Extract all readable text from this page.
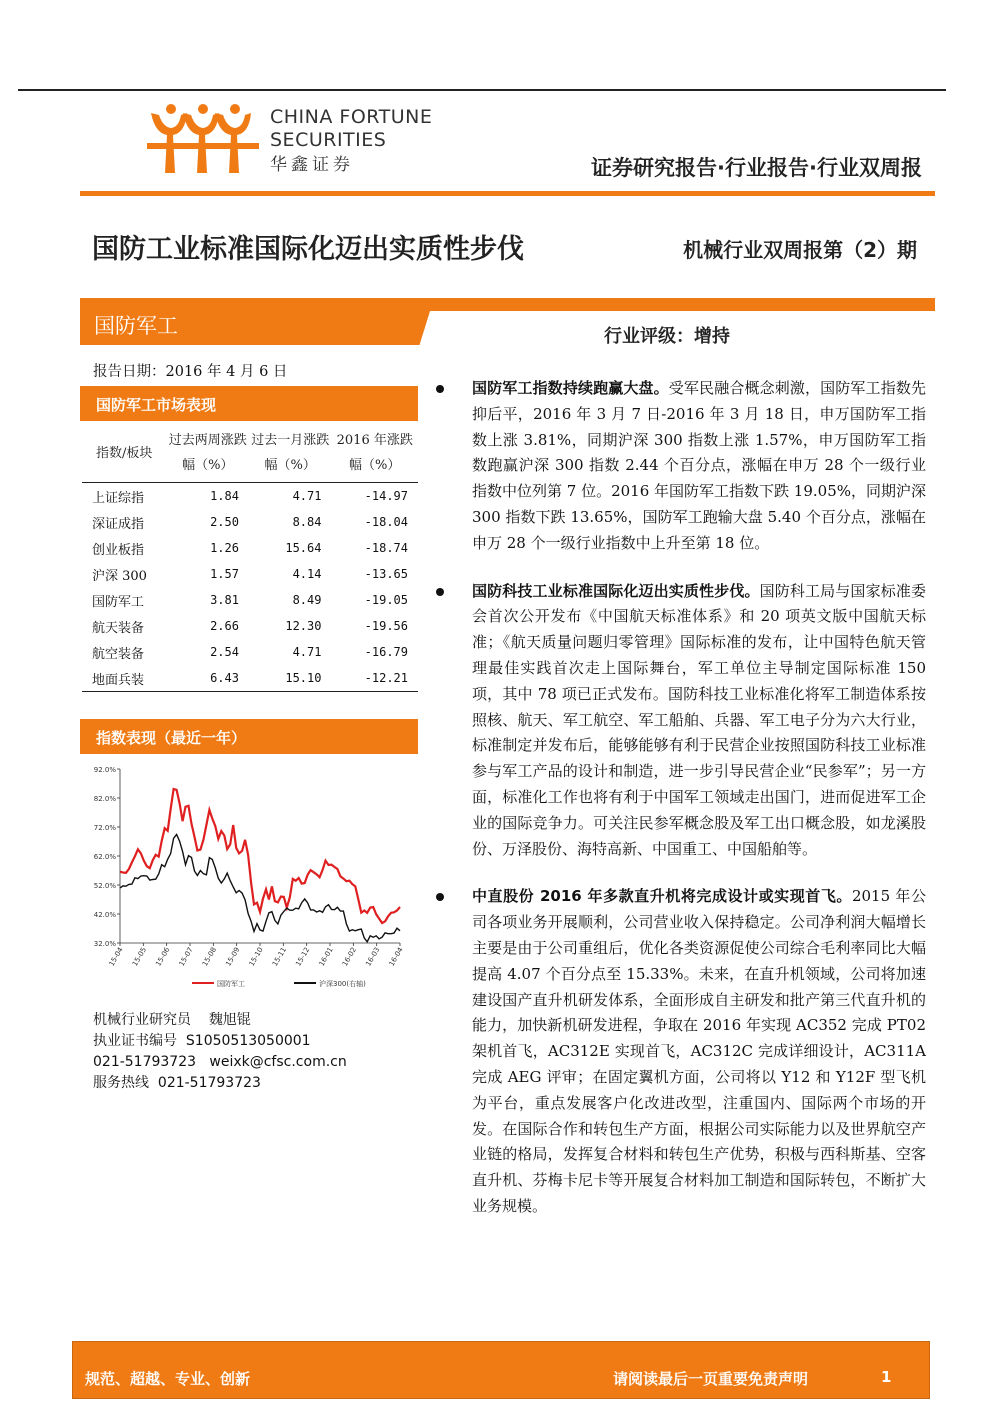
CHINA FORTUNE
SECURITIES
华鑫证券	证券研究报告·行业报告·行业双周报
国防工业标准国际化迈出实质性步伐	机械行业双周报第（2）期
国防军工	行业评级：增持
报告日期：2016 年 4 月 6 日
国防军工市场表现
指数/板块	过去两周涨跌幅（%）	过去一月涨跌幅（%）	2016 年涨跌幅（%）
上证综指	1.84	4.71	-14.97
深证成指	2.50	8.84	-18.04
创业板指	1.26	15.64	-18.74
沪深 300	1.57	4.14	-13.65
国防军工	3.81	8.49	-19.05
航天装备	2.66	12.30	-19.56
航空装备	2.54	4.71	-16.79
地面兵装	6.43	15.10	-12.21
指数表现（最近一年）
32.0%
42.0%
52.0%
62.0%
72.0%
82.0%
92.0%
15-04 15-05 15-06 15-07 15-08 15-09 15-10 15-11 15-12 16-01 16-02 16-03 16-04
国防军工	沪深300(右轴)
机械行业研究员 魏旭锟
执业证书编号 S1050513050001
021-51793723 weixk@cfsc.com.cn
服务热线 021-51793723
国防军工指数持续跑赢大盘。受军民融合概念刺激，国防军工指数先抑后平，2016 年 3 月 7 日-2016 年 3 月 18 日，申万国防军工指数上涨 3.81%，同期沪深 300 指数上涨 1.57%，申万国防军工指数跑赢沪深 300 指数 2.44 个百分点，涨幅在申万 28 个一级行业指数中位列第 7 位。2016 年国防军工指数下跌 19.05%，同期沪深 300 指数下跌 13.65%，国防军工跑输大盘 5.40 个百分点，涨幅在申万 28 个一级行业指数中上升至第 18 位。
国防科技工业标准国际化迈出实质性步伐。国防科工局与国家标准委会首次公开发布《中国航天标准体系》和 20 项英文版中国航天标准；《航天质量问题归零管理》国际标准的发布，让中国特色航天管理最佳实践首次走上国际舞台，军工单位主导制定国际标准 150 项，其中 78 项已正式发布。国防科技工业标准化将军工制造体系按照核、航天、军工航空、军工船舶、兵器、军工电子分为六大行业，标准制定并发布后，能够能够有利于民营企业按照国防科技工业标准参与军工产品的设计和制造，进一步引导民营企业“民参军”；另一方面，标准化工作也将有利于中国军工领域走出国门，进而促进军工企业的国际竞争力。可关注民参军概念股及军工出口概念股，如龙溪股份、万泽股份、海特高新、中国重工、中国船舶等。
中直股份 2016 年多款直升机将完成设计或实现首飞。2015 年公司各项业务开展顺利，公司营业收入保持稳定。公司净利润大幅增长主要是由于公司重组后，优化各类资源促使公司综合毛利率同比大幅提高 4.07 个百分点至 15.33%。未来，在直升机领域，公司将加速建设国产直升机研发体系，全面形成自主研发和批产第三代直升机的能力，加快新机研发进程，争取在 2016 年实现 AC352 完成 PT02 架机首飞，AC312E 实现首飞，AC312C 完成详细设计，AC311A 完成 AEG 评审；在固定翼机方面，公司将以 Y12 和 Y12F 型飞机为平台，重点发展客户化改进改型，注重国内、国际两个市场的开发。在国际合作和转包生产方面，根据公司实际能力以及世界航空产业链的格局，发挥复合材料和转包生产优势，积极与西科斯基、空客直升机、芬梅卡尼卡等开展复合材料加工制造和国际转包，不断扩大业务规模。
规范、超越、专业、创新	请阅读最后一页重要免责声明	1
